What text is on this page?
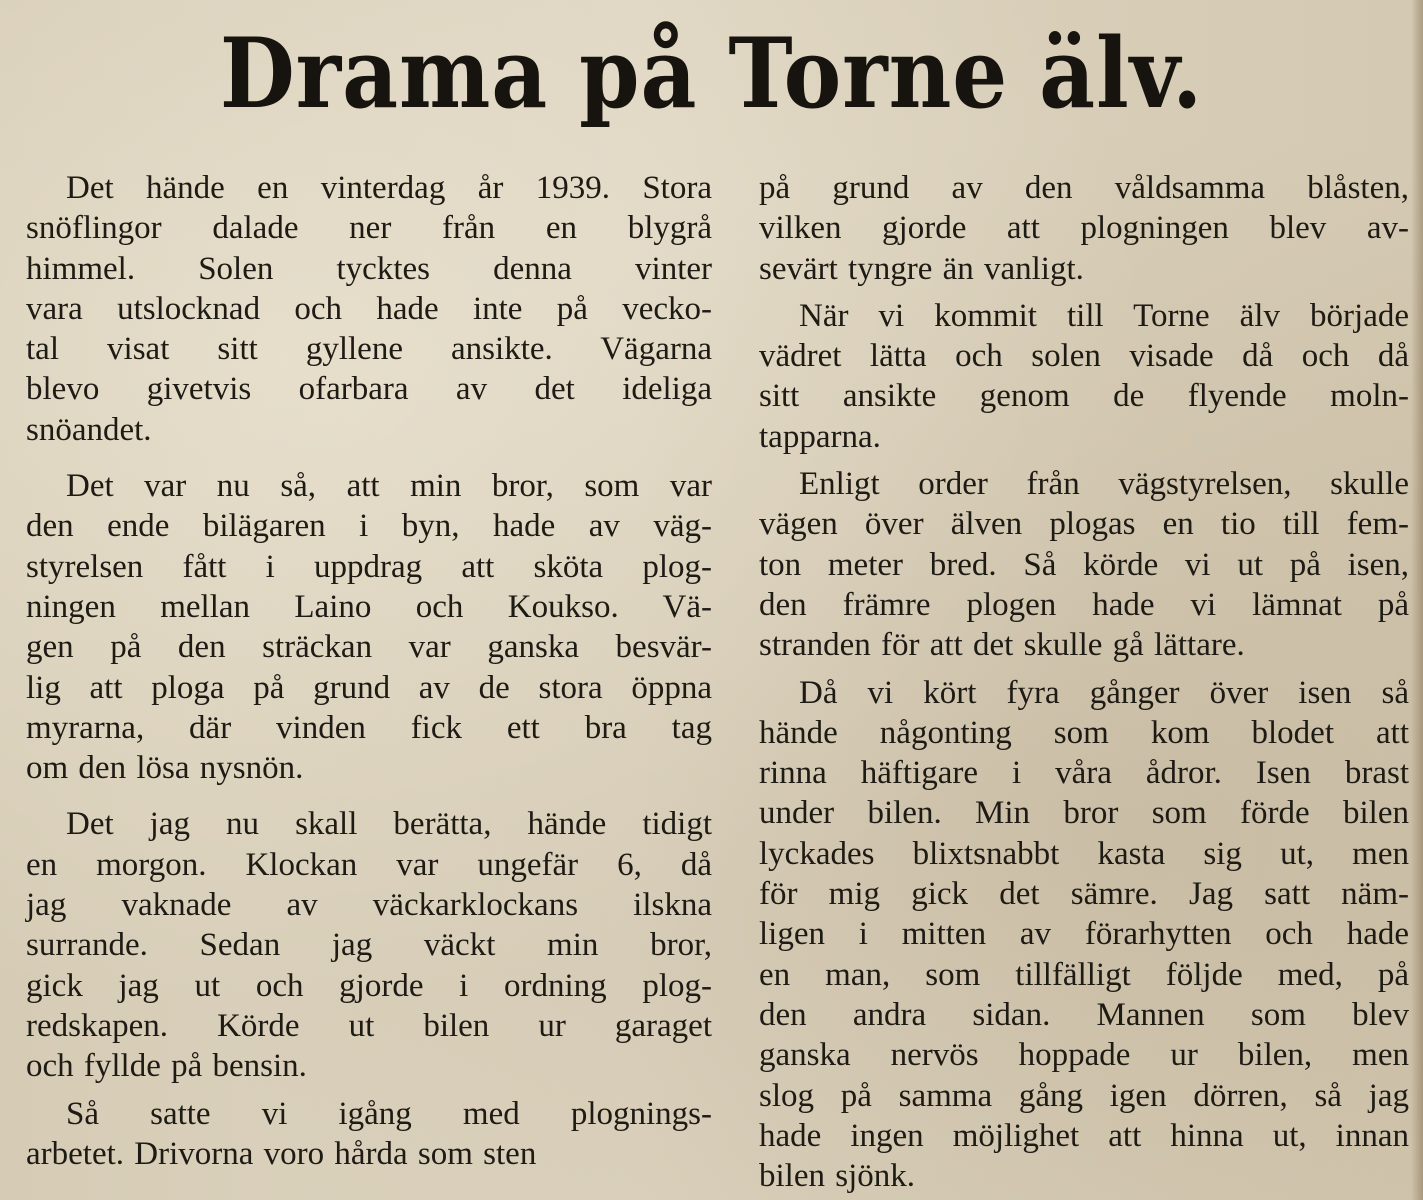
Drama på Torne älv.
Det hände en vinterdag år 1939. Stora
snöflingor dalade ner från en blygrå
himmel. Solen tycktes denna vinter
vara utslocknad och hade inte på vecko-
tal visat sitt gyllene ansikte. Vägarna
blevo givetvis ofarbara av det ideliga
snöandet.
Det var nu så, att min bror, som var
den ende bilägaren i byn, hade av väg-
styrelsen fått i uppdrag att sköta plog-
ningen mellan Laino och Koukso. Vä-
gen på den sträckan var ganska besvär-
lig att ploga på grund av de stora öppna
myrarna, där vinden fick ett bra tag
om den lösa nysnön.
Det jag nu skall berätta, hände tidigt
en morgon. Klockan var ungefär 6, då
jag vaknade av väckarklockans ilskna
surrande. Sedan jag väckt min bror,
gick jag ut och gjorde i ordning plog-
redskapen. Körde ut bilen ur garaget
och fyllde på bensin.
Så satte vi igång med plognings-
arbetet. Drivorna voro hårda som sten
på grund av den våldsamma blåsten,
vilken gjorde att plogningen blev av-
sevärt tyngre än vanligt.
När vi kommit till Torne älv började
vädret lätta och solen visade då och då
sitt ansikte genom de flyende moln-
tapparna.
Enligt order från vägstyrelsen, skulle
vägen över älven plogas en tio till fem-
ton meter bred. Så körde vi ut på isen,
den främre plogen hade vi lämnat på
stranden för att det skulle gå lättare.
Då vi kört fyra gånger över isen så
hände någonting som kom blodet att
rinna häftigare i våra ådror. Isen brast
under bilen. Min bror som förde bilen
lyckades blixtsnabbt kasta sig ut, men
för mig gick det sämre. Jag satt näm-
ligen i mitten av förarhytten och hade
en man, som tillfälligt följde med, på
den andra sidan. Mannen som blev
ganska nervös hoppade ur bilen, men
slog på samma gång igen dörren, så jag
hade ingen möjlighet att hinna ut, innan
bilen sjönk.
